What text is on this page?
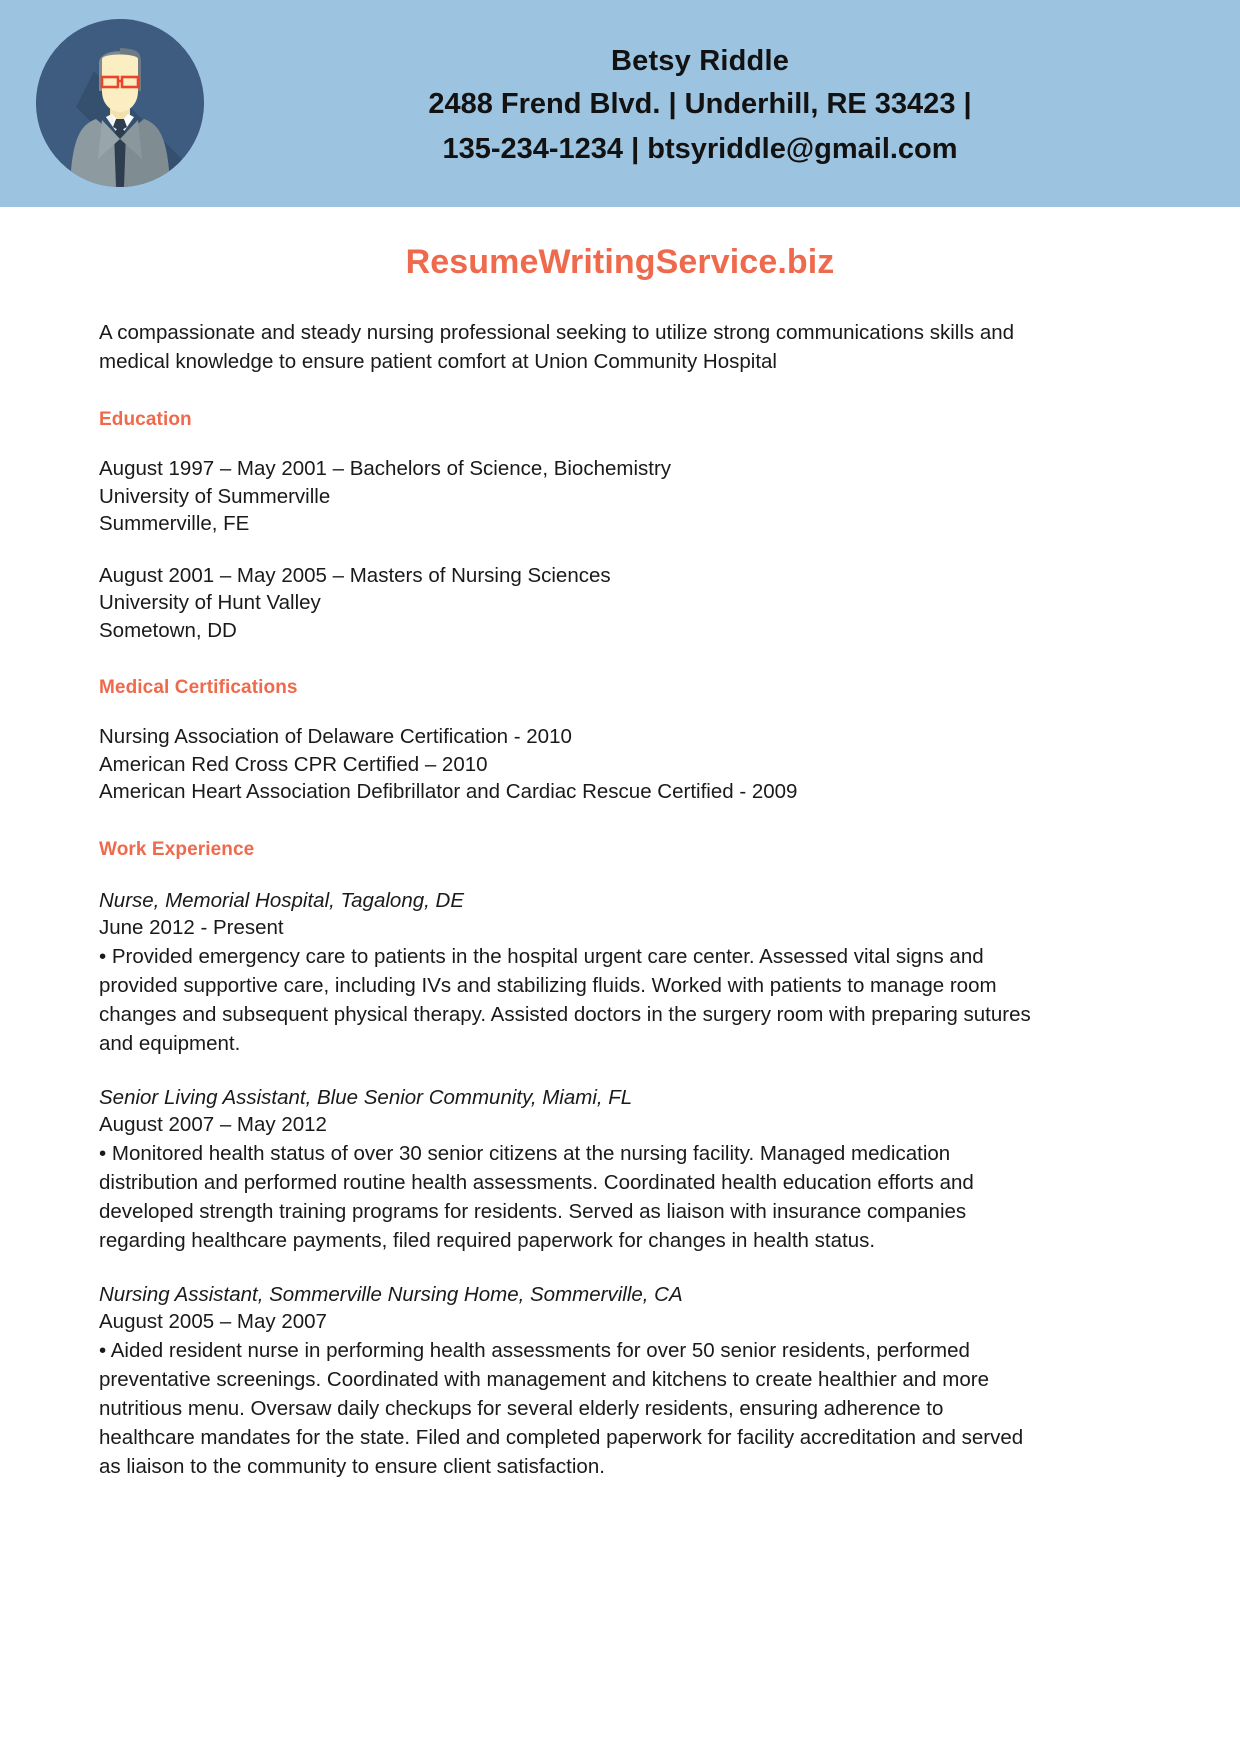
Betsy Riddle
2488 Frend Blvd. | Underhill, RE 33423 |
135-234-1234 | btsyriddle@gmail.com
ResumeWritingService.biz
A compassionate and steady nursing professional seeking to utilize strong communications skills and medical knowledge to ensure patient comfort at Union Community Hospital
Education
August 1997 – May 2001 – Bachelors of Science, Biochemistry
University of Summerville
Summerville, FE
August 2001 – May 2005 – Masters of Nursing Sciences
University of Hunt Valley
Sometown, DD
Medical Certifications
Nursing Association of Delaware Certification - 2010
American Red Cross CPR Certified – 2010
American Heart Association Defibrillator and Cardiac Rescue Certified - 2009
Work Experience
Nurse, Memorial Hospital, Tagalong, DE
June 2012 - Present
• Provided emergency care to patients in the hospital urgent care center. Assessed vital signs and provided supportive care, including IVs and stabilizing fluids. Worked with patients to manage room changes and subsequent physical therapy. Assisted doctors in the surgery room with preparing sutures and equipment.
Senior Living Assistant, Blue Senior Community, Miami, FL
August 2007 – May 2012
• Monitored health status of over 30 senior citizens at the nursing facility. Managed medication distribution and performed routine health assessments. Coordinated health education efforts and developed strength training programs for residents. Served as liaison with insurance companies regarding healthcare payments, filed required paperwork for changes in health status.
Nursing Assistant, Sommerville Nursing Home, Sommerville, CA
August 2005 – May 2007
• Aided resident nurse in performing health assessments for over 50 senior residents, performed preventative screenings. Coordinated with management and kitchens to create healthier and more nutritious menu. Oversaw daily checkups for several elderly residents, ensuring adherence to healthcare mandates for the state. Filed and completed paperwork for facility accreditation and served as liaison to the community to ensure client satisfaction.
